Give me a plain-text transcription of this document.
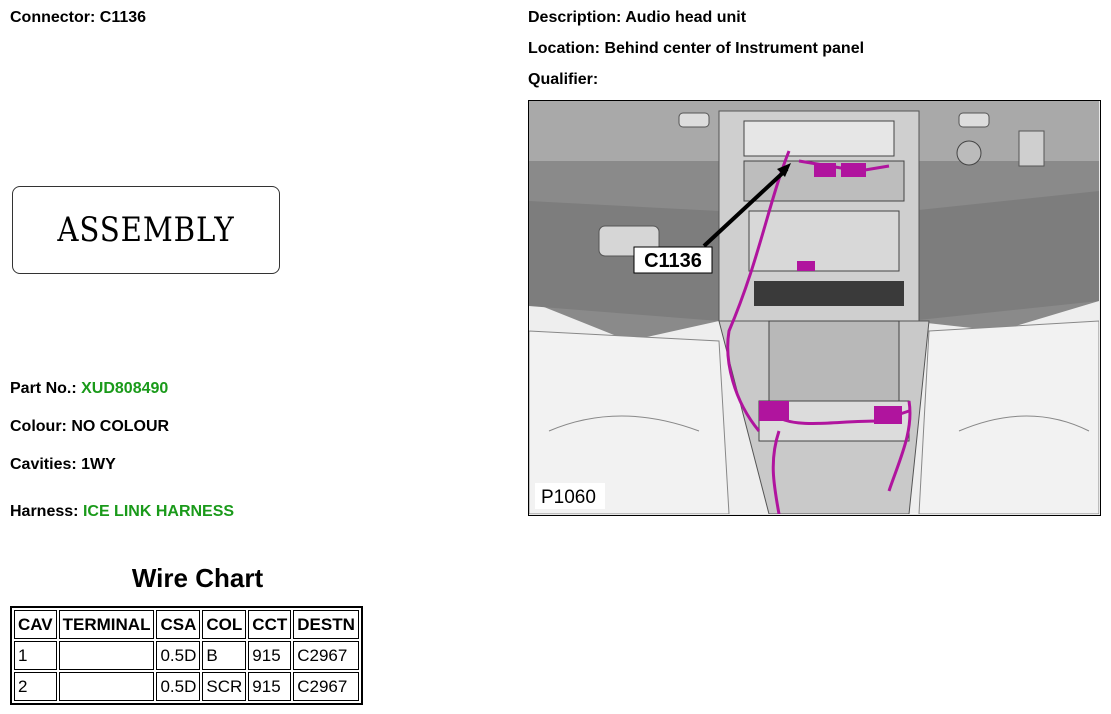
Connector: C1136	Description: Audio head unit
Location: Behind center of Instrument panel
Qualifier:
ASSEMBLY
Part No.: XUD808490
Colour: NO COLOUR
Cavities: 1WY
Harness: ICE LINK HARNESS
Wire Chart
CAV	TERMINAL	CSA	COL	CCT	DESTN
1		0.5D	B	915	C2967
2		0.5D	SCR	915	C2967
C1136
P1060
